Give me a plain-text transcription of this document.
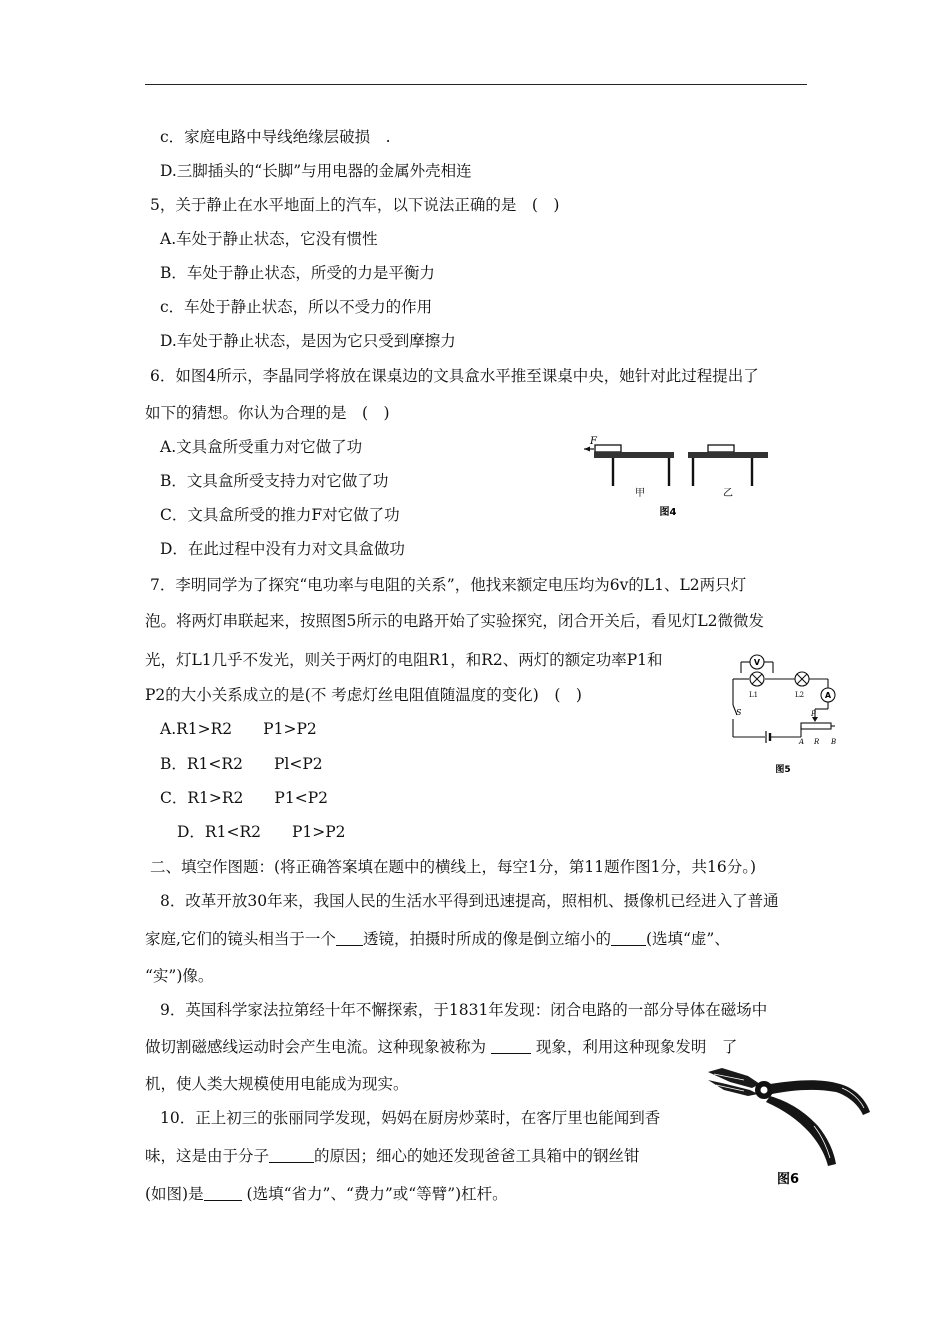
c．家庭电路中导线绝缘层破损　.
D.三脚插头的“长脚”与用电器的金属外壳相连
5，关于静止在水平地面上的汽车，以下说法正确的是　(　)
A.车处于静止状态，它没有惯性
B．车处于静止状态，所受的力是平衡力
c．车处于静止状态，所以不受力的作用
D.车处于静止状态，是因为它只受到摩擦力
6．如图4所示，李晶同学将放在课桌边的文具盒水平推至课桌中央，她针对此过程提出了
如下的猜想。你认为合理的是　(　)
A.文具盒所受重力对它做了功
B．文具盒所受支持力对它做了功
C．文具盒所受的推力F对它做了功
D．在此过程中没有力对文具盒做功
F
甲	乙
图4
7．李明同学为了探究“电功率与电阻的关系”，他找来额定电压均为6v的L1、L2两只灯
泡。将两灯串联起来，按照图5所示的电路开始了实验探究，闭合开关后，看见灯L2微微发
光，灯L1几乎不发光，则关于两灯的电阻R1，和R2、两灯的额定功率P1和
P2的大小关系成立的是(不 考虑灯丝电阻值随温度的变化)　(　)
A.R1>R2　　P1>P2
B．R1<R2　　Pl<P2
C．R1>R2　　P1<P2
D．R1<R2　　P1>P2
V
A
L1	L2
S	P
A R B
图5
二、填空作图题：(将正确答案填在题中的横线上，每空1分，第11题作图1分，共16分。)
8．改革开放30年来，我国人民的生活水平得到迅速提高，照相机、摄像机已经进入了普通
家庭,它们的镜头相当于一个 透镜，拍摄时所成的像是倒立缩小的 (选填“虚”、
“实”)像。
9．英国科学家法拉第经十年不懈探索，于1831年发现：闭合电路的一部分导体在磁场中
做切割磁感线运动时会产生电流。这种现象被称为	现象，利用这种现象发明　了
机，使人类大规模使用电能成为现实。
10．正上初三的张丽同学发现，妈妈在厨房炒菜时，在客厅里也能闻到香
味，这是由于分子	的原因；细心的她还发现爸爸工具箱中的钢丝钳
(如图)是	(选填“省力”、“费力”或“等臂”)杠杆。
图6
